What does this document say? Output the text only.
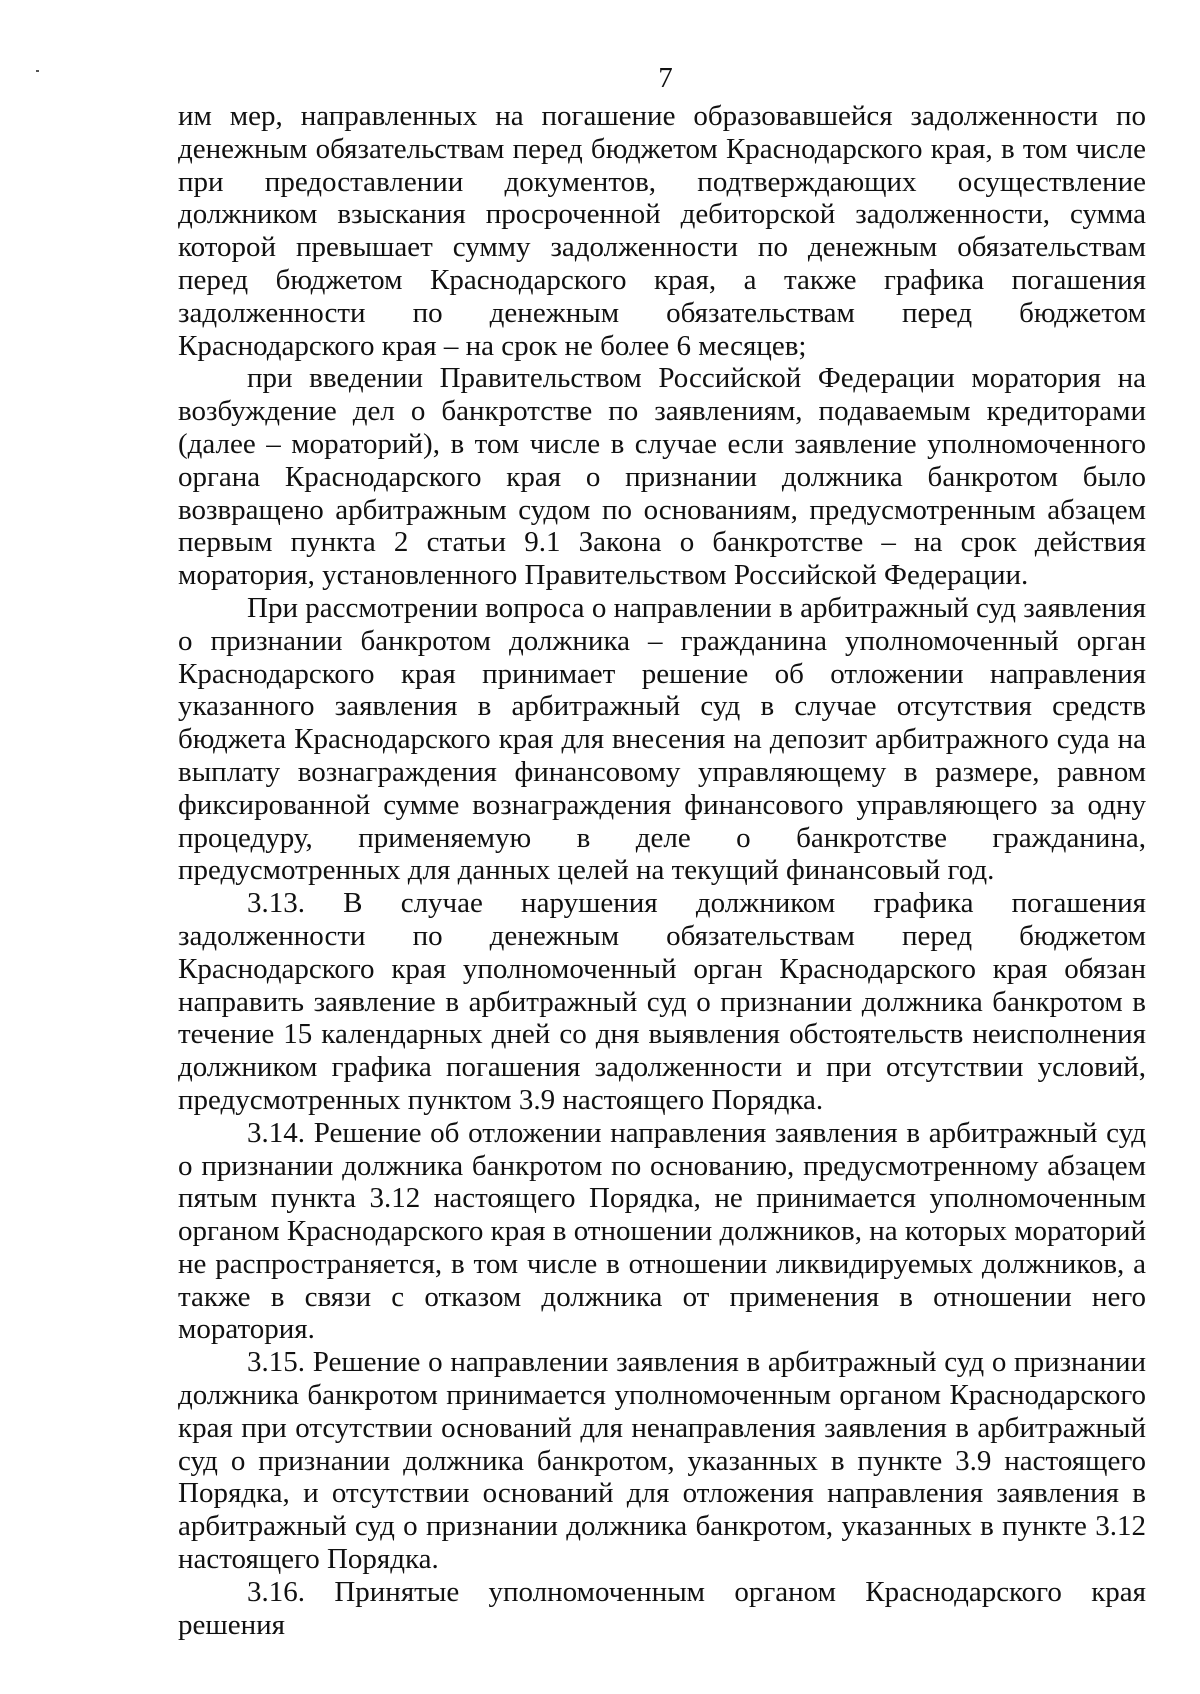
7

им мер, направленных на погашение образовавшейся задолженности по денежным обязательствам перед бюджетом Краснодарского края, в том числе при предоставлении документов, подтверждающих осуществление должником взыскания просроченной дебиторской задолженности, сумма которой превышает сумму задолженности по денежным обязательствам перед бюджетом Краснодарского края, а также графика погашения задолженности по денежным обязательствам перед бюджетом Краснодарского края – на срок не более 6 месяцев;

при введении Правительством Российской Федерации моратория на возбуждение дел о банкротстве по заявлениям, подаваемым кредиторами (далее – мораторий), в том числе в случае если заявление уполномоченного органа Краснодарского края о признании должника банкротом было возвращено арбитражным судом по основаниям, предусмотренным абзацем первым пункта 2 статьи 9.1 Закона о банкротстве – на срок действия моратория, установленного Правительством Российской Федерации.

При рассмотрении вопроса о направлении в арбитражный суд заявления о признании банкротом должника – гражданина уполномоченный орган Краснодарского края принимает решение об отложении направления указанного заявления в арбитражный суд в случае отсутствия средств бюджета Краснодарского края для внесения на депозит арбитражного суда на выплату вознаграждения финансовому управляющему в размере, равном фиксированной сумме вознаграждения финансового управляющего за одну процедуру, применяемую в деле о банкротстве гражданина, предусмотренных для данных целей на текущий финансовый год.

3.13. В случае нарушения должником графика погашения задолженности по денежным обязательствам перед бюджетом Краснодарского края уполномоченный орган Краснодарского края обязан направить заявление в арбитражный суд о признании должника банкротом в течение 15 календарных дней со дня выявления обстоятельств неисполнения должником графика погашения задолженности и при отсутствии условий, предусмотренных пунктом 3.9 настоящего Порядка.

3.14. Решение об отложении направления заявления в арбитражный суд о признании должника банкротом по основанию, предусмотренному абзацем пятым пункта 3.12 настоящего Порядка, не принимается уполномоченным органом Краснодарского края в отношении должников, на которых мораторий не распространяется, в том числе в отношении ликвидируемых должников, а также в связи с отказом должника от применения в отношении него моратория.

3.15. Решение о направлении заявления в арбитражный суд о признании должника банкротом принимается уполномоченным органом Краснодарского края при отсутствии оснований для ненаправления заявления в арбитражный суд о признании должника банкротом, указанных в пункте 3.9 настоящего Порядка, и отсутствии оснований для отложения направления заявления в арбитражный суд о признании должника банкротом, указанных в пункте 3.12 настоящего Порядка.

3.16. Принятые уполномоченным органом Краснодарского края решения
